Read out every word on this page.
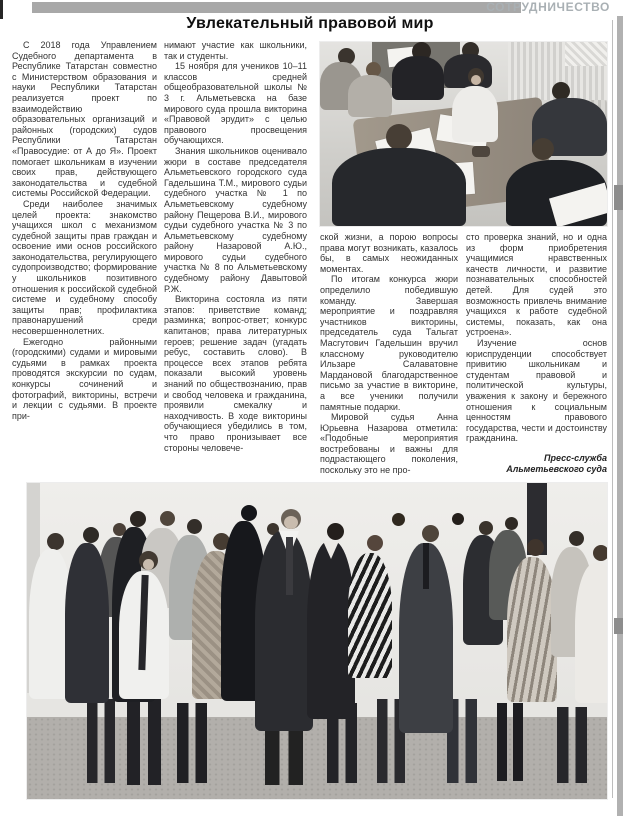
СОТРУДНИЧЕСТВО
Увлекательный правовой мир

С 2018 года Управлением Судебного департамента в Республике Татарстан совместно с Министерством образования и науки Республики Татарстан реализуется проект по взаимодействию образовательных организаций и районных (городских) судов Республики Татарстан «Правосудие: от А до Я». Проект помогает школьникам в изучении своих прав, действующего законодательства и судебной системы Российской Федерации.

Среди наиболее значимых целей проекта: знакомство учащихся школ с механизмом судебной защиты прав граждан и освоение ими основ российского законодательства, регулирующего судопроизводство; формирование у школьников позитивного отношения к российской судебной системе и судебному способу защиты прав; профилактика правонарушений среди несовершеннолетних.

Ежегодно районными (городскими) судами и мировыми судьями в рамках проекта проводятся экскурсии по судам, конкурсы сочинений и фотографий, викторины, встречи и лекции с судьями. В проекте при-

нимают участие как школьники, так и студенты.

15 ноября для учеников 10–11 классов средней общеобразовательной школы № 3 г. Альметьевска на базе мирового суда прошла викторина «Правовой эрудит» с целью правового просвещения обучающихся.

Знания школьников оценивало жюри в составе председателя Альметьевского городского суда Гадельшина Т.М., мирового судьи судебного участка № 1 по Альметьевскому судебному району Пещерова В.И., мирового судьи судебного участка № 3 по Альметьевскому судебному району Назаровой А.Ю., мирового судьи судебного участка № 8 по Альметьевскому судебному району Давытовой Р.Ж.

Викторина состояла из пяти этапов: приветствие команд; разминка; вопрос-ответ; конкурс капитанов; права литературных героев; решение задач (угадать ребус, составить слово). В процессе всех этапов ребята показали высокий уровень знаний по обществознанию, прав и свобод человека и гражданина, проявили смекалку и находчивость. В ходе викторины обучающиеся убедились в том, что право пронизывает все стороны человече-

ской жизни, а порою вопросы права могут возникать, казалось бы, в самых неожиданных моментах.

По итогам конкурса жюри определило победившую команду. Завершая мероприятие и поздравляя участников викторины, председатель суда Тальгат Масгутович Гадельшин вручил классному руководителю Ильзаре Салаватовне Мардановой благодарственное письмо за участие в викторине, а все ученики получили памятные подарки.

Мировой судья Анна Юрьевна Назарова отметила: «Подобные мероприятия востребованы и важны для подрастающего поколения, поскольку это не про-

сто проверка знаний, но и одна из форм приобретения учащимися нравственных качеств личности, и развитие познавательных способностей детей. Для судей это возможность привлечь внимание учащихся к работе судебной системы, показать, как она устроена».

Изучение основ юриспруденции способствует привитию школьникам и студентам правовой и политической культуры, уважения к закону и бережного отношения к социальным ценностям правового государства, чести и достоинству гражданина.

Пресс-служба
Альметьевского суда
